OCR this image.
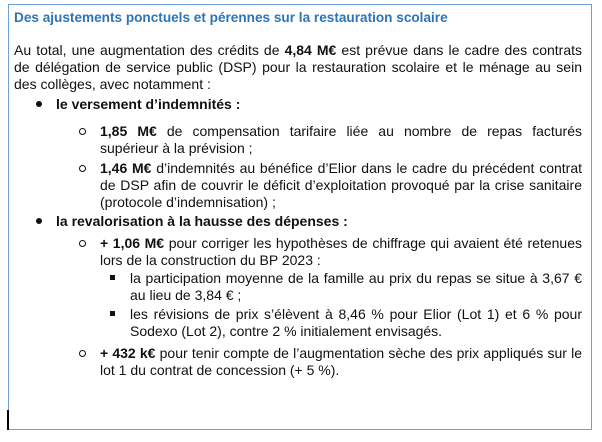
Des ajustements ponctuels et pérennes sur la restauration scolaire
Au total, une augmentation des crédits de 4,84 M€ est prévue dans le cadre des contrats de délégation de service public (DSP) pour la restauration scolaire et le ménage au sein des collèges, avec notamment :
le versement d’indemnités :
1,85 M€ de compensation tarifaire liée au nombre de repas facturés supérieur à la prévision ;
1,46 M€ d’indemnités au bénéfice d’Elior dans le cadre du précédent contrat de DSP afin de couvrir le déficit d’exploitation provoqué par la crise sanitaire (protocole d’indemnisation) ;
la revalorisation à la hausse des dépenses :
+ 1,06 M€ pour corriger les hypothèses de chiffrage qui avaient été retenues lors de la construction du BP 2023 :
la participation moyenne de la famille au prix du repas se situe à 3,67 € au lieu de 3,84 € ;
les révisions de prix s’élèvent à 8,46 % pour Elior (Lot 1) et 6 % pour Sodexo (Lot 2), contre 2 % initialement envisagés.
+ 432 k€ pour tenir compte de l’augmentation sèche des prix appliqués sur le lot 1 du contrat de concession (+ 5 %).
